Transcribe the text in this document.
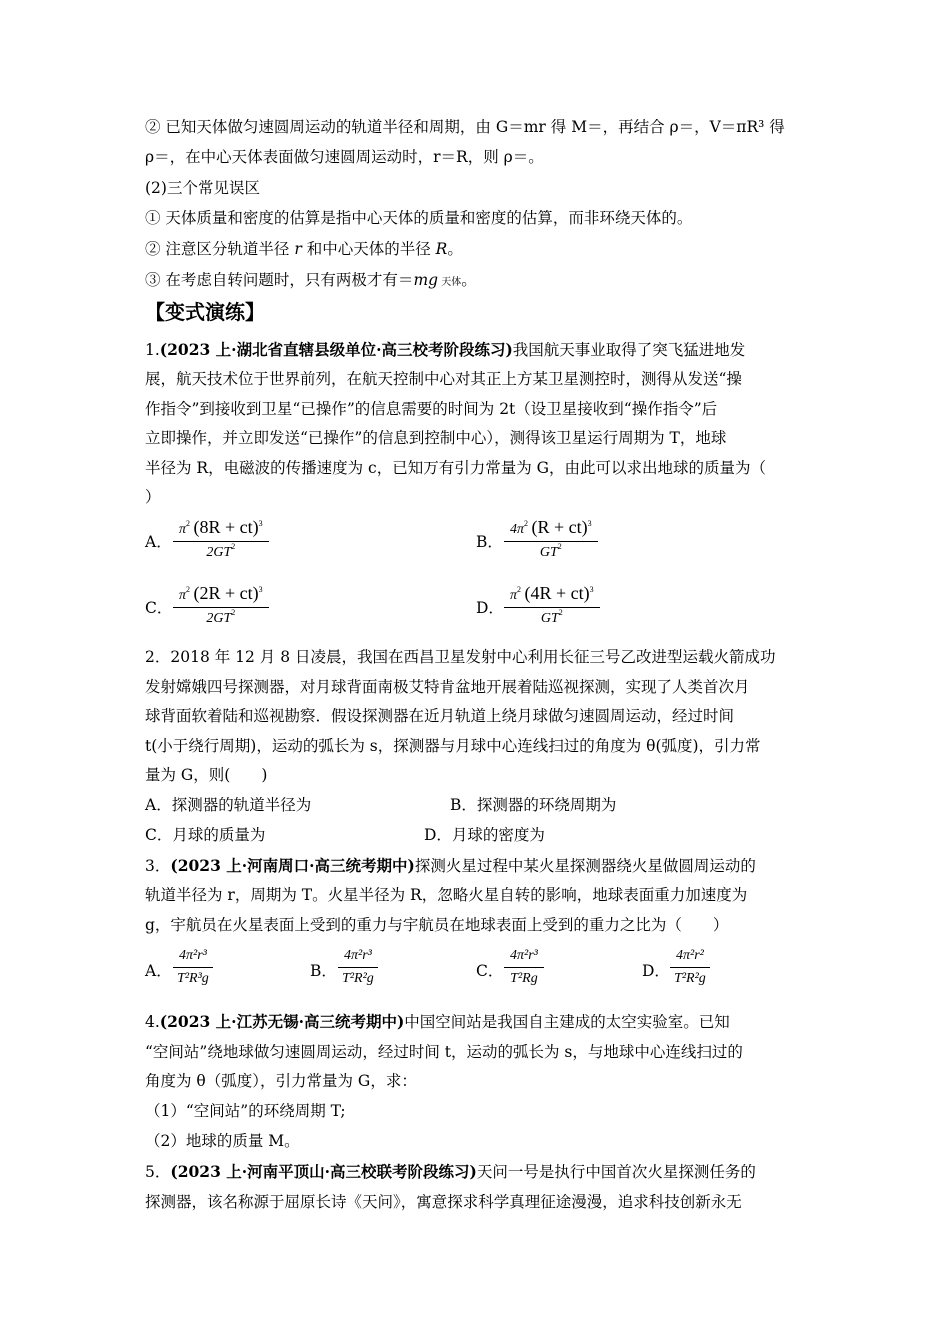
② 已知天体做匀速圆周运动的轨道半径和周期，由 G＝mr 得 M＝，再结合 ρ＝，V＝πR³ 得
ρ＝，在中心天体表面做匀速圆周运动时，r＝R，则 ρ＝。
(2)三个常见误区
① 天体质量和密度的估算是指中心天体的质量和密度的估算，而非环绕天体的。
② 注意区分轨道半径 r 和中心天体的半径 R。
③ 在考虑自转问题时，只有两极才有＝mg 天体。
【变式演练】
1.(2023 上·湖北省直辖县级单位·高三校考阶段练习)我国航天事业取得了突飞猛进地发
展，航天技术位于世界前列，在航天控制中心对其正上方某卫星测控时，测得从发送“操
作指令”到接收到卫星“已操作”的信息需要的时间为 2t（设卫星接收到“操作指令”后
立即操作，并立即发送“已操作”的信息到控制中心），测得该卫星运行周期为 T，地球
半径为 R，电磁波的传播速度为 c，已知万有引力常量为 G，由此可以求出地球的质量为（
）
A．
$\pi^2$ (8R + ct)$^3$
$2GT^2$	B．
$4\pi^2$ (R + ct)$^3$
$GT^2$
C．
$\pi^2$ (2R + ct)$^3$
$2GT^2$	D．
$\pi^2$ (4R + ct)$^3$
$GT^2$
2．2018 年 12 月 8 日凌晨，我国在西昌卫星发射中心利用长征三号乙改进型运载火箭成功
发射嫦娥四号探测器，对月球背面南极艾特肯盆地开展着陆巡视探测，实现了人类首次月
球背面软着陆和巡视勘察．假设探测器在近月轨道上绕月球做匀速圆周运动，经过时间
t(小于绕行周期)，运动的弧长为 s，探测器与月球中心连线扫过的角度为 θ(弧度)，引力常
量为 G，则(　　)
A．探测器的轨道半径为	B．探测器的环绕周期为
C．月球的质量为	D．月球的密度为
3．(2023 上·河南周口·高三统考期中)探测火星过程中某火星探测器绕火星做圆周运动的
轨道半径为 r，周期为 T。火星半径为 R，忽略火星自转的影响，地球表面重力加速度为
g，宇航员在火星表面上受到的重力与宇航员在地球表面上受到的重力之比为（　　）
A．
4π²r³
T²R³g	B．
4π²r³
T²R²g	C．
4π²r³
T²Rg	D．
4π²r²
T²R²g
4.(2023 上·江苏无锡·高三统考期中)中国空间站是我国自主建成的太空实验室。已知
“空间站”绕地球做匀速圆周运动，经过时间 t，运动的弧长为 s，与地球中心连线扫过的
角度为 θ（弧度），引力常量为 G，求：
（1）“空间站”的环绕周期 T;
（2）地球的质量 M。
5．(2023 上·河南平顶山·高三校联考阶段练习)天问一号是执行中国首次火星探测任务的
探测器，该名称源于屈原长诗《天问》，寓意探求科学真理征途漫漫，追求科技创新永无
